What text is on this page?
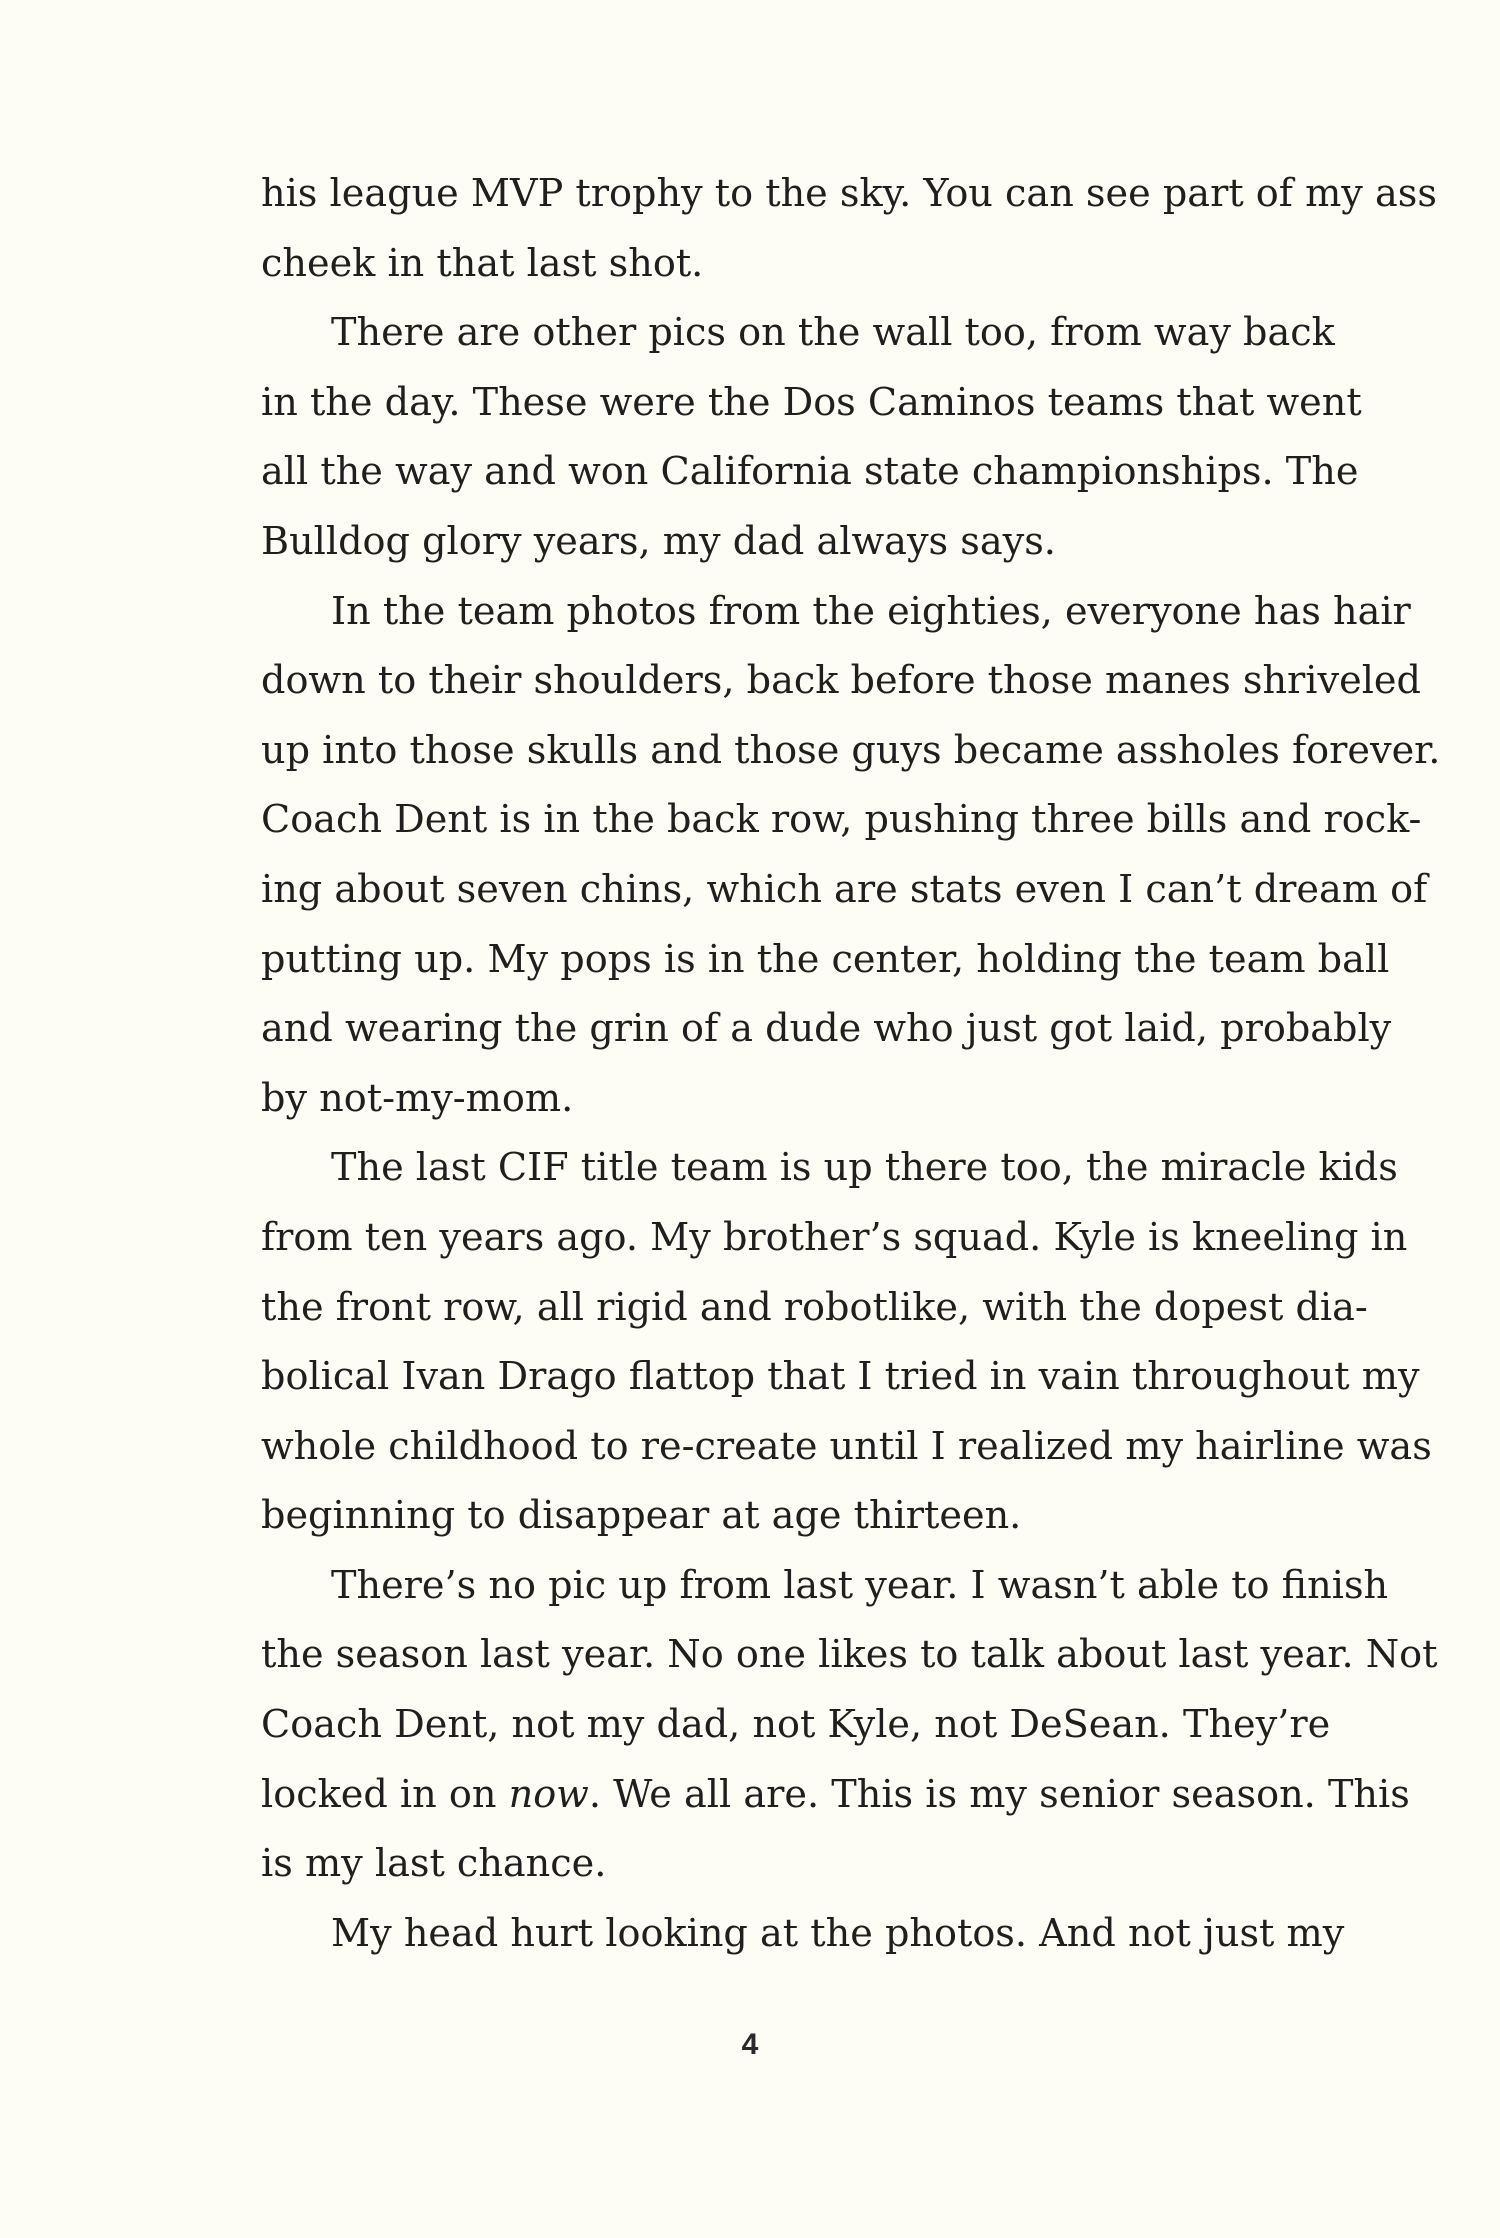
his league MVP trophy to the sky. You can see part of my ass
cheek in that last shot.
There are other pics on the wall too, from way back
in the day. These were the Dos Caminos teams that went
all the way and won California state championships. The
Bulldog glory years, my dad always says.
In the team photos from the eighties, everyone has hair
down to their shoulders, back before those manes shriveled
up into those skulls and those guys became assholes forever.
Coach Dent is in the back row, pushing three bills and rock-
ing about seven chins, which are stats even I can’t dream of
putting up. My pops is in the center, holding the team ball
and wearing the grin of a dude who just got laid, probably
by not-my-mom.
The last CIF title team is up there too, the miracle kids
from ten years ago. My brother’s squad. Kyle is kneeling in
the front row, all rigid and robotlike, with the dopest dia-
bolical Ivan Drago flattop that I tried in vain throughout my
whole childhood to re-create until I realized my hairline was
beginning to disappear at age thirteen.
There’s no pic up from last year. I wasn’t able to finish
the season last year. No one likes to talk about last year. Not
Coach Dent, not my dad, not Kyle, not DeSean. They’re
locked in on now. We all are. This is my senior season. This
is my last chance.
My head hurt looking at the photos. And not just my
4
